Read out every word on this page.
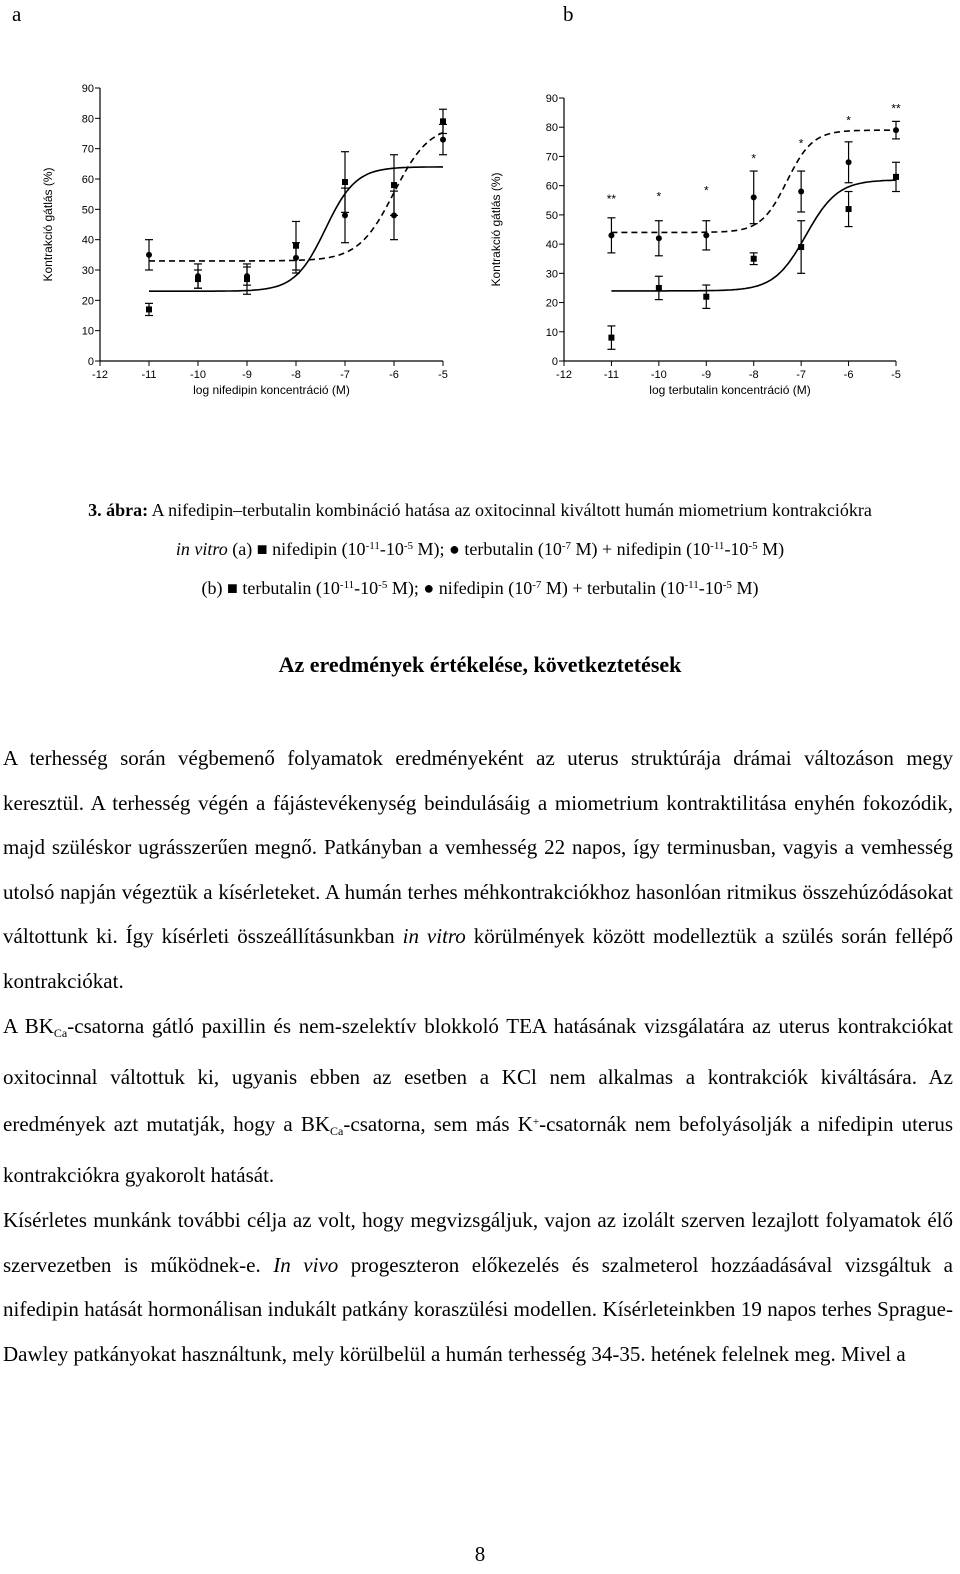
a	b
0
10
20
30
40
50
60
70
80
90
-12	-11	-10	-9	-8	-7	-6	-5
log nifedipin koncentráció (M)
Kontrakció gátlás (%)
0
10
20
30
40
50
60
70
80
90
-12	-11	-10	-9	-8	-7	-6	-5
log terbutalin koncentráció (M)
Kontrakció gátlás (%)	**	*	*
*
*
*
**
3. ábra: A nifedipin–terbutalin kombináció hatása az oxitocinnal kiváltott humán miometrium kontrakciókra
in vitro (a) ■ nifedipin ($10^{-11}-10^{-5}$ M); ● terbutalin ($10^{-7}$ M) + nifedipin ($10^{-11}-10^{-5}$ M)
(b) ■ terbutalin ($10^{-11}-10^{-5}$ M); ● nifedipin ($10^{-7}$ M) + terbutalin ($10^{-11}-10^{-5}$ M)
Az eredmények értékelése, következtetések

A terhesség során végbemenő folyamatok eredményeként az uterus struktúrája drámai változáson megy keresztül. A terhesség végén a fájástevékenység beindulásáig a miometrium kontraktilitása enyhén fokozódik, majd szüléskor ugrásszerűen megnő. Patkányban a vemhesség 22 napos, így terminusban, vagyis a vemhesség utolsó napján végeztük a kísérleteket. A humán terhes méhkontrakciókhoz hasonlóan ritmikus összehúzódásokat váltottunk ki. Így kísérleti összeállításunkban in vitro körülmények között modelleztük a szülés során fellépő kontrakciókat.

A $BK_{Ca}$-csatorna gátló paxillin és nem-szelektív blokkoló TEA hatásának vizsgálatára az uterus kontrakciókat oxitocinnal váltottuk ki, ugyanis ebben az esetben a KCl nem alkalmas a kontrakciók kiváltására. Az eredmények azt mutatják, hogy a $BK_{Ca}$-csatorna, sem más K+-csatornák nem befolyásolják a nifedipin uterus kontrakciókra gyakorolt hatását.

Kísérletes munkánk további célja az volt, hogy megvizsgáljuk, vajon az izolált szerven lezajlott folyamatok élő szervezetben is működnek-e. In vivo progeszteron előkezelés és szalmeterol hozzáadásával vizsgáltuk a nifedipin hatását hormonálisan indukált patkány koraszülési modellen. Kísérleteinkben 19 napos terhes Sprague-Dawley patkányokat használtunk, mely körülbelül a humán terhesség 34-35. hetének felelnek meg. Mivel a

8
